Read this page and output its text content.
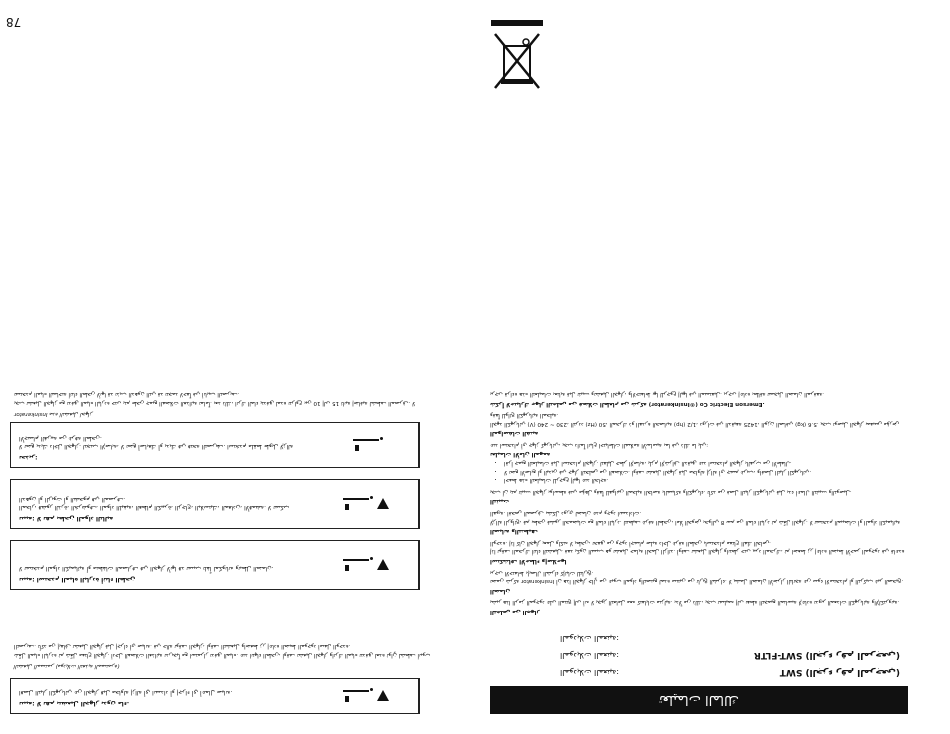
78
Insinkerator مدة التشغيل لجهاز

يجب تشغيل الجهاز مع تدفق المياه الباردة حتى يتم طحن جميع الفضلات الغذائية تماماً. بعد ذلك، اترك الماء يتدفق لمدة تتراوح بين 10 إلى 15 ثانية إضافية لشطف المصرف. لا تستخدم المياه الساخنة أثناء الطحن لأنها قد تذيب الدهون التي قد تتجمد لاحقاً في أنابيب التصريف.

تحذير:
لا تضع يديك داخل الجهاز. لتجنب الإصابة، لا تضع أصابعك أو يديك في فتحة التصريف. استخدم ملقط طويل لإزالة الأجسام الغريبة من غرفة الطحن.
تنبيه: لا تقم بطحن المواد التالية
المحار، قشور الذرة، الخرشوف، المواد الليفية، العظام الكبيرة، الزجاج، البلاستيك، المعادن، الأقمشة. لا تسكب الدهون أو الزيوت أو الشحوم في المصرف.
تنبيه: استخدم المياه الباردة أثناء الطحن
لا تستخدم المواد الكيميائية أو منظفات المصارف في الجهاز لأنها قد تسبب تلفاً لمكوناته وتبطل الضمان.
التشغيل المستمر (موديلات التغذية المستمرة)

شغّل المياه الباردة ثم شغّل مفتاح الجهاز. أدخل الفضلات الغذائية تدريجياً مع استمرار تدفق المياه. عند انتهاء الطحن، أوقف تشغيل الجهاز واترك المياه تتدفق لعدة ثوانٍ لشطف أنبوب التصريف. تأكد من إيقاف تشغيل الجهاز قبل إجراء أي صيانة. في حالة توقف الجهاز، أوقف التشغيل واضغط زر إعادة الضبط الموجود أسفل الوحدة.

تنبيه: لا تقم بتشغيل الجهاز بدون ماء.
افصل التيار الكهربائي عن الجهاز قبل محاولة إزالة أي انسداد أو إجراء أي أعمال صيانة.
التخلص من الجهاز

يشير هذا الرمز الموجود على المنتج إلى أنه لا يجوز التعامل معه كنفايات منزلية. بدلاً من ذلك، يجب تسليمه إلى نقطة التجميع المناسبة لإعادة تدوير المعدات الكهربائية والإلكترونية.

الضمان

تضمن شركة Insinkerator أن هذا الجهاز خالٍ من عيوب المواد والتصنيع لمدة سنتين من تاريخ الشراء. لا يشمل الضمان الأضرار الناتجة عن سوء الاستخدام أو التركيب غير الصحيح. يرجى الاحتفاظ بإيصال الشراء كإثبات للتاريخ.

استكشاف الأخطاء وإصلاحها

إذا توقف المحرك أثناء التشغيل، فقد يكون السبب هو تشغيل حماية الحمل الزائد. أوقف تشغيل الجهاز وانتظر حتى يبرد المحرك، ثم اضغط زر إعادة الضبط الأحمر الموجود في قاعدة الوحدة. إذا كان الجهاز يعمل ولكنه لا يطحن، تحقق من وجود أجسام صلبة داخل غرفة الطحن باستخدام مفتاح الفك الخاص.

الصيانة والتنظيف

لإزالة الروائح، قم بطحن قشور الحمضيات مع الماء البارد. لتنظيف غرفة الطحن، املأ الحوض بحوالي 8 سم من الماء البارد ثم شغّل الجهاز. لا تستخدم المبيضات أو المواد الكيميائية القوية. افحص المصرف بشكل دوري لضمان عدم وجود انسدادات.

التثبيت

يجب أن يتم تثبيت الجهاز بواسطة فني مؤهل وفقاً للقوانين المحلية الخاصة بالسباكة والكهرباء. تأكد من فصل التيار الكهربائي قبل بدء أعمال التثبيت والتوصيل.

• احفظ هذه التعليمات للرجوع إليها عند الحاجة.
• لا تضع الأصابع أو اليدين في جهاز التخلص من الفضلات. أوقف تشغيل الجهاز قبل محاولة إزالة أي جسم غريب، وافصل التيار الكهربائي.
• اقرأ جميع التعليمات قبل استخدام الجهاز. لتقليل خطر الإصابة، يلزم الإشراف الدقيق عند استخدام الجهاز بالقرب من الأطفال.
تعليمات الأمان المهمة

عند استخدام أي جهاز كهربائي، يجب دائماً اتباع احتياطات السلامة الأساسية بما في ذلك ما يلي:

المواصفات الفنية

الجهد الكهربائي (V) 230 ~ 240، التردد (Hz) 50، المحرك ذو القدرة الحصانية (hp) 1/2، دورات في الدقيقة 1425، الوزن الصافي (kg) 5.6. يجب توصيل الجهاز بمقبس مؤرض وفقاً للوائح الكهربائية المحلية.

شكراً لاختيارك جهاز التخلص من فضلات الطعام من شركة (Insinkerator®) Emerson Electric Co.

يرجى قراءة هذه التعليمات بعناية قبل تثبيت وتشغيل الجهاز، والاحتفاظ بها للرجوع إليها في المستقبل. يرجى إعادة بطاقة تسجيل الضمان المرفقة.

الموديلات المعنية:	SWT (الجزء رقم المرجعي)
الموديلات المعنية:	SWT-FLTR (الجزء رقم المرجعي)
الموديلات المعنية:
تعليمات المالك
